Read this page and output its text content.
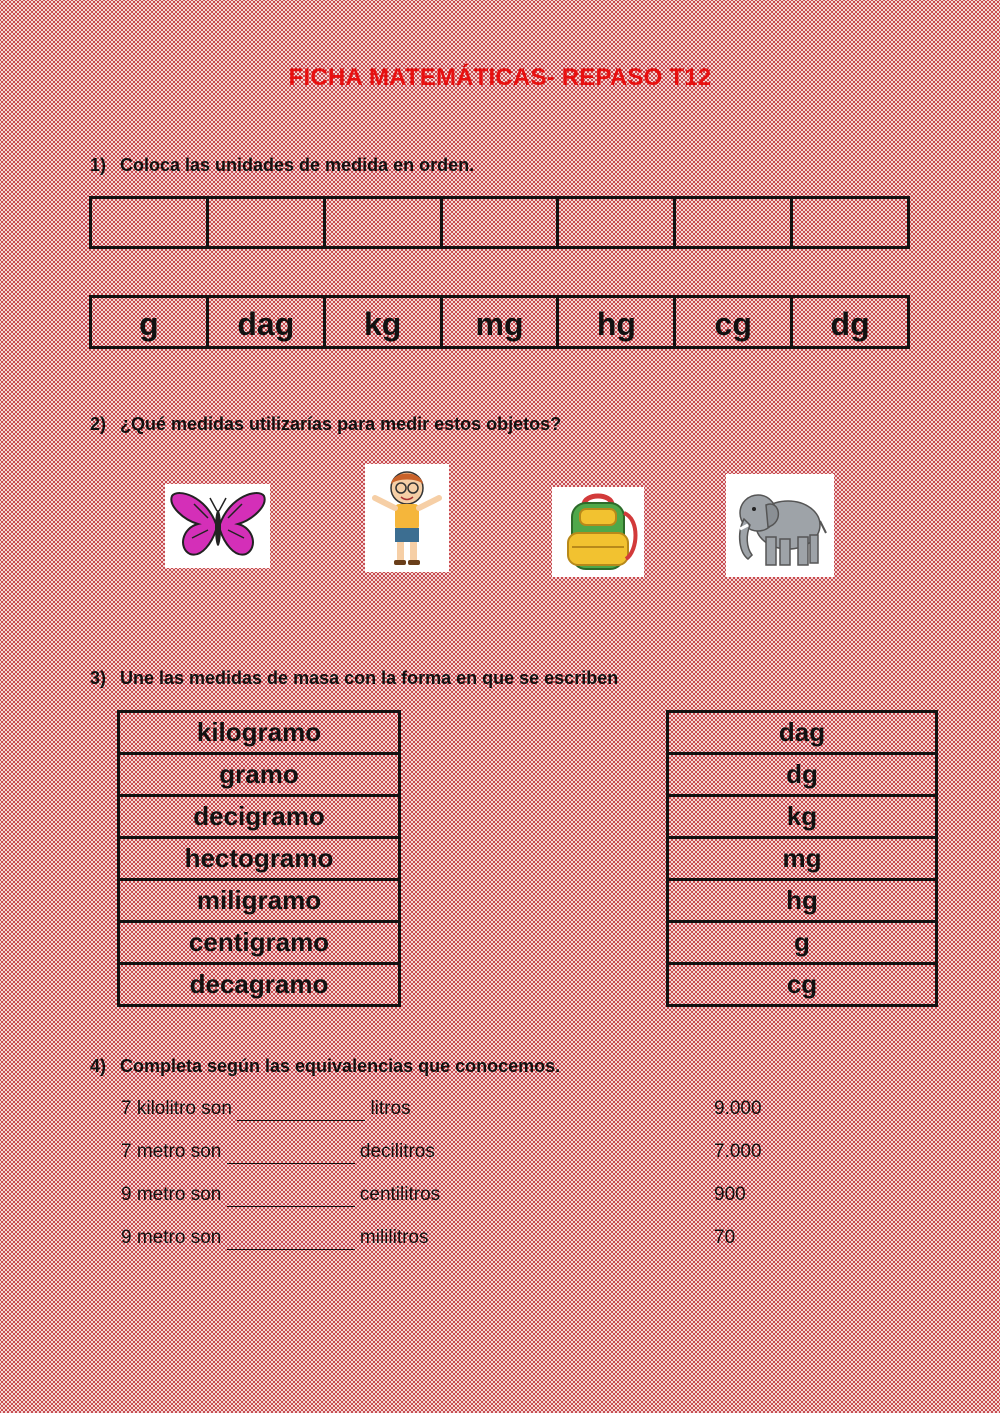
FICHA MATEMÁTICAS- REPASO T12
1) Coloca las unidades de medida en orden.
g	dag	kg	mg	hg	cg	dg
2) ¿Qué medidas utilizarías para medir estos objetos?
3) Une las medidas de masa con la forma en que se escriben
kilogramo
gramo
decigramo
hectogramo
miligramo
centigramo
decagramo
dag
dg
kg
mg
hg
g
cg
4) Completa según las equivalencias que conocemos.
7 kilolitro son	litros	9.000
7 metro son	decilitros	7.000
9 metro son	centilitros	900
9 metro son	mililitros	70
